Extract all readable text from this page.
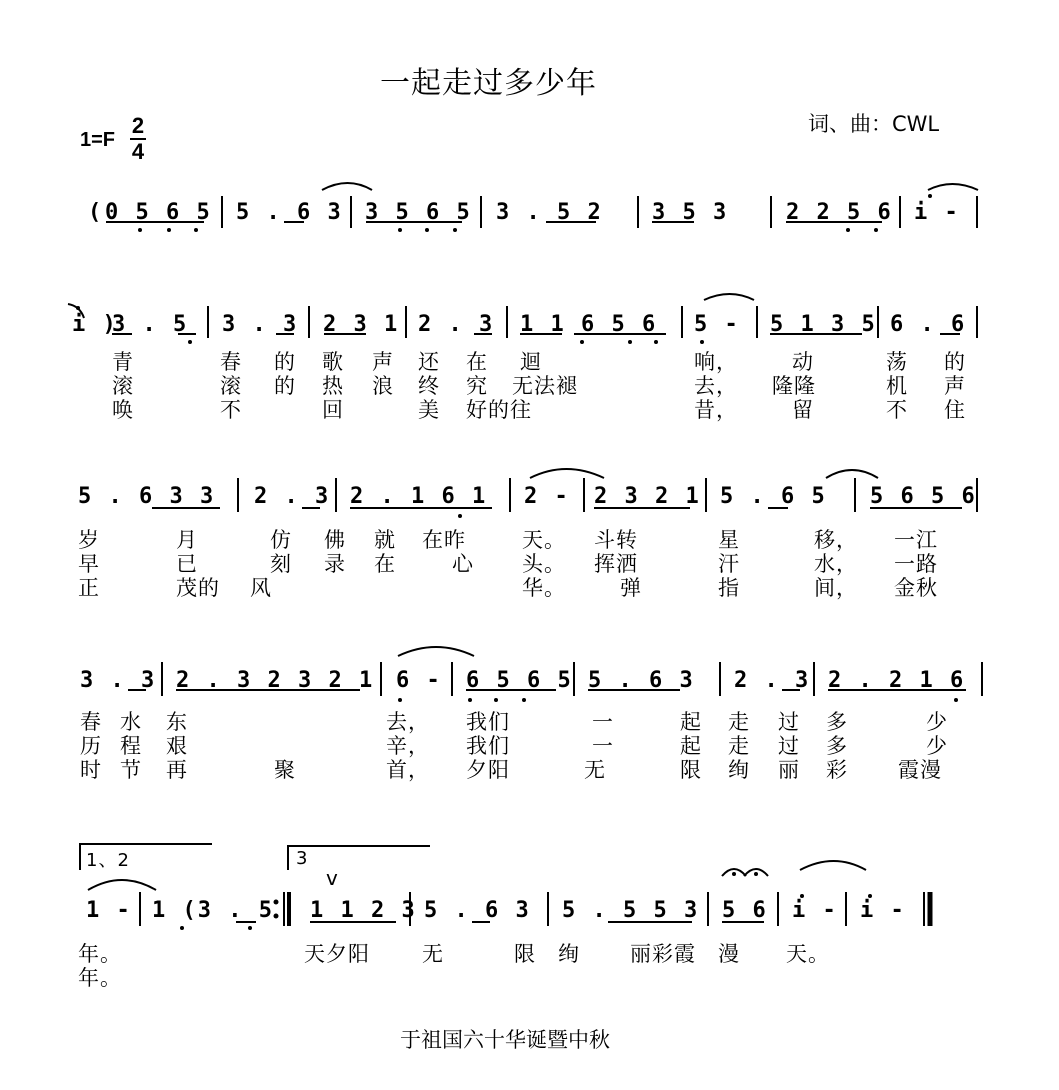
一起走过多少年
词、曲：CWL
1=F
2
4
( 0 5 6 5 5 . 6 3 3 5 6 5 3 . 5 2 3 5 3	2 2 5 6 i -
i )
3 . 5 3 . 3 2 3 1 2 . 3 1 1 6 5 6 5 - 5 1 3 5 6 . 6
青	春 的 歌 声 还 在 迴	响，	动	荡 的
滚	滚 的 热 浪 终 究 无法褪	去， 隆隆	机 声
唤	不	回	美 好的往	昔，	留	不 住
5 . 6 3 3 2 . 3 2 . 1 6 1 2 - 2 3 2 1 5 . 6 5 5 6 5 6
岁	月	仿 佛 就 在昨	天。 斗转	星	移， 一江
早	已	刻 录 在	心 头。 挥洒	汗	水， 一路
正	茂的 风	华。	弹	指	间， 金秋
3 . 3 2 . 3 2 3 2 1 6 - 6 5 6 5 5 . 6 3 2 . 3 2 . 2 1 6
春 水 东	去， 我们	一	起 走 过 多	少
历 程 艰	辛， 我们	一	起 走 过 多	少
时 节 再	聚	首， 夕阳	无	限 绚 丽 彩 霞漫
1、2	3
v
1 - 1 (3 . 5 1 1 2 3 5 . 6 3 5 . 5 5 3 5 6 i - i -
年。	天夕阳 无	限 绚 丽彩霞 漫 天。
年。
于祖国六十华诞暨中秋
